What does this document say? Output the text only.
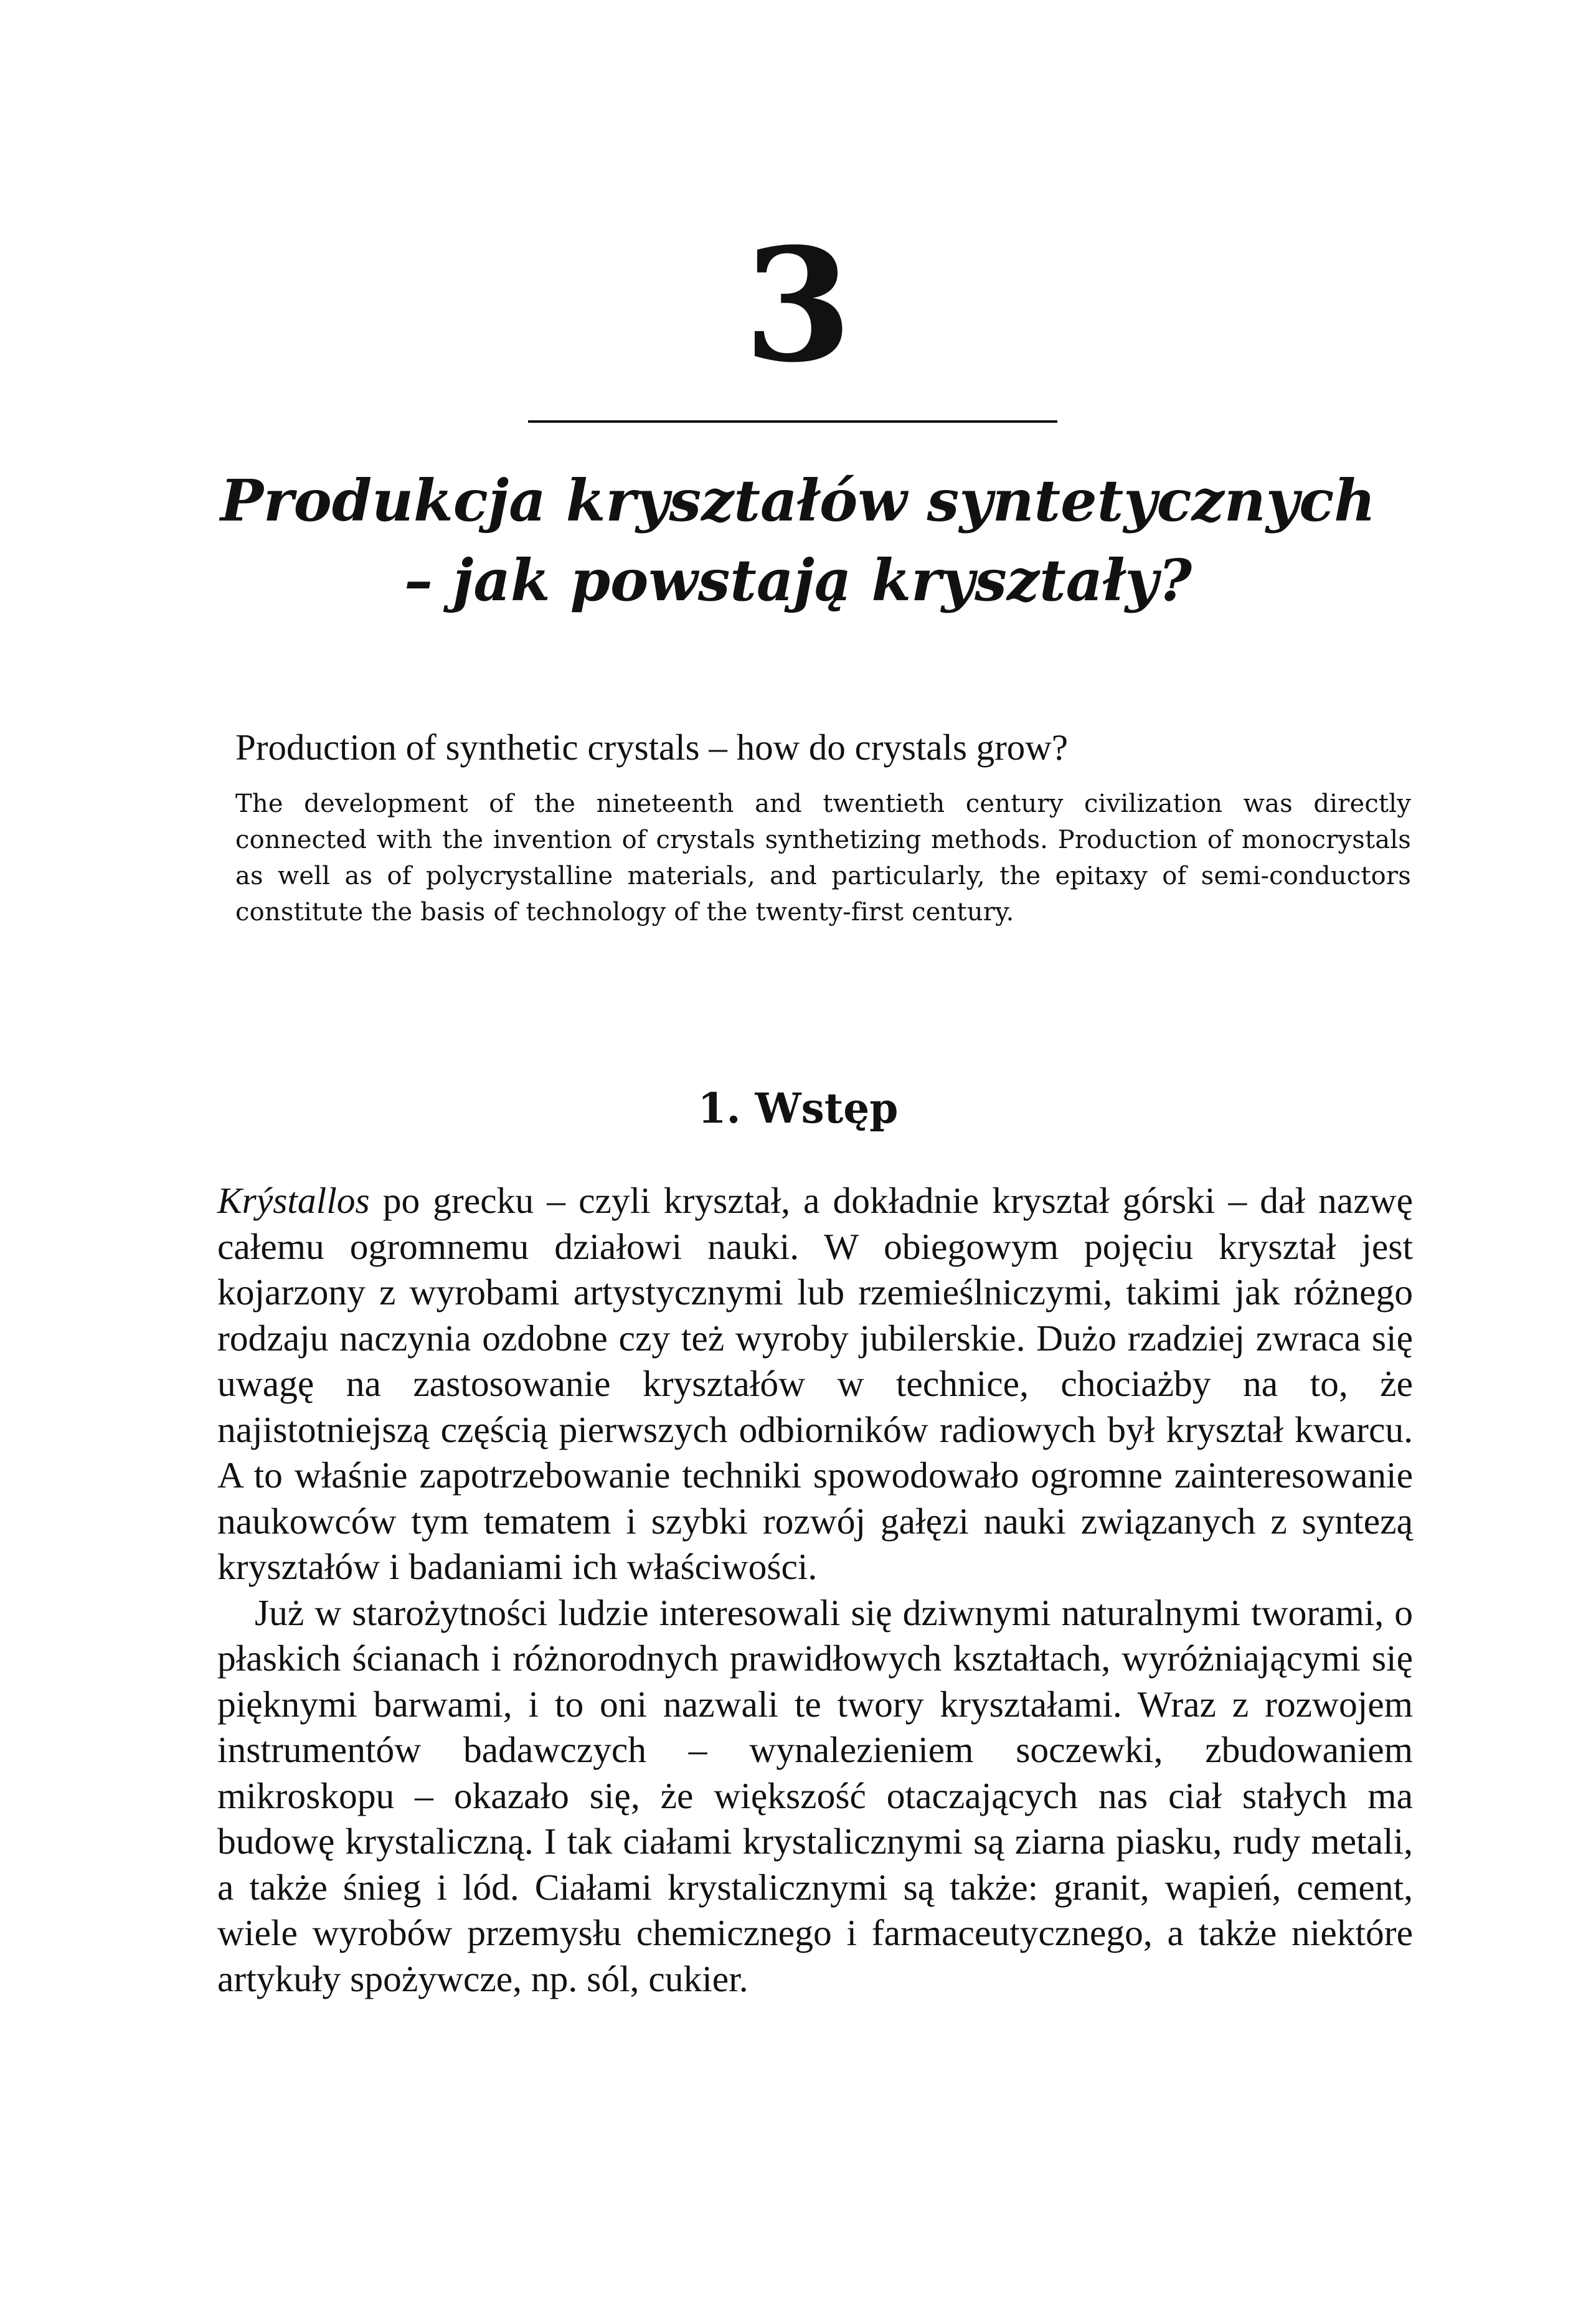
3
Produkcja kryształów syntetycznych
– jak powstają kryształy?

Production of synthetic crystals – how do crystals grow?

The development of the nineteenth and twentieth century civilization was directly connected with the invention of crystals synthetizing methods. Production of monocrystals as well as of polycrystalline materials, and particularly, the epitaxy of semi-conductors constitute the basis of technology of the twenty-first century.

1. Wstęp

Krýstallos po grecku – czyli kryształ, a dokładnie kryształ górski – dał nazwę całemu ogromnemu działowi nauki. W obiegowym pojęciu kryształ jest kojarzony z wyrobami artystycznymi lub rzemieślniczymi, takimi jak różnego rodzaju naczynia ozdobne czy też wyroby jubilerskie. Dużo rzadziej zwraca się uwagę na zastosowanie kryształów w technice, chociażby na to, że najistotniejszą częścią pierwszych odbiorników radiowych był kryształ kwarcu. A to właśnie zapotrzebowanie techniki spowodowało ogromne zainteresowanie naukowców tym tematem i szybki rozwój gałęzi nauki związanych z syntezą kryształów i badaniami ich właściwości.

Już w starożytności ludzie interesowali się dziwnymi naturalnymi tworami, o płaskich ścianach i różnorodnych prawidłowych kształtach, wyróżniającymi się pięknymi barwami, i to oni nazwali te twory kryształami. Wraz z rozwojem instrumentów badawczych – wynalezieniem soczewki, zbudowaniem mikroskopu – okazało się, że większość otaczających nas ciał stałych ma budowę krystaliczną. I tak ciałami krystalicznymi są ziarna piasku, rudy metali, a także śnieg i lód. Ciałami krystalicznymi są także: granit, wapień, cement, wiele wyrobów przemysłu chemicznego i farmaceutycznego, a także niektóre artykuły spożywcze, np. sól, cukier.
